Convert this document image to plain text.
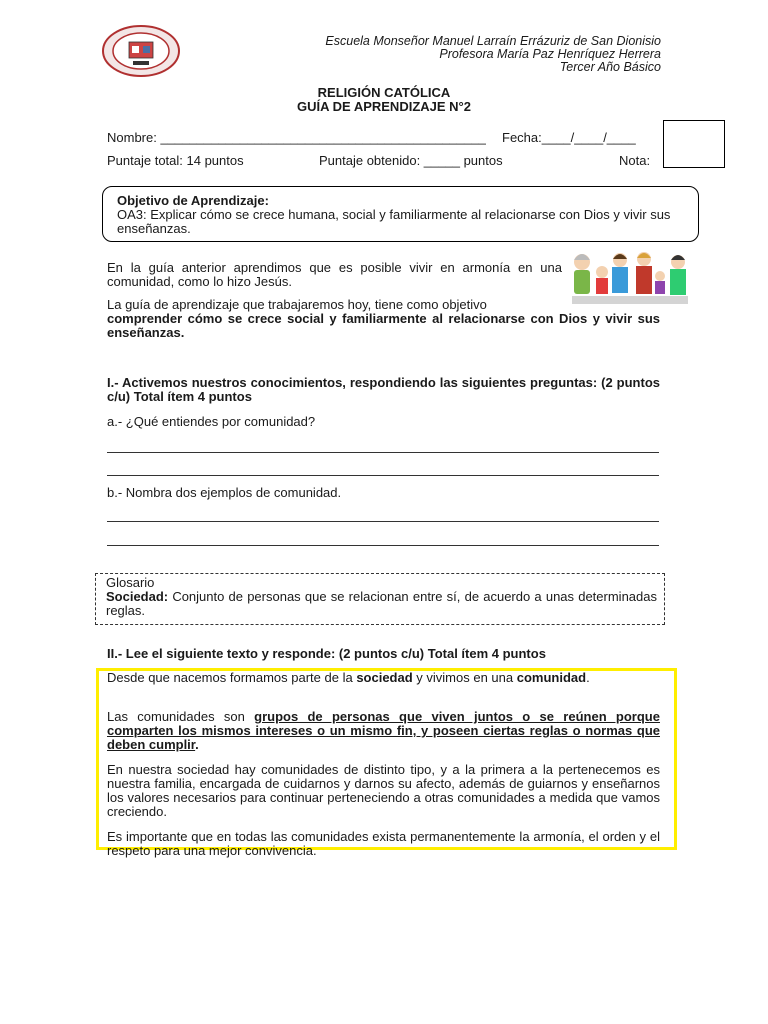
Escuela Monseñor Manuel Larraín Errázuriz de San Dionisio
Profesora María Paz Henríquez Herrera
Tercer Año Básico
RELIGIÓN CATÓLICA
GUÍA DE APRENDIZAJE N°2
Nombre: _____________________________________________ Fecha:____/____/____
Puntaje total: 14 puntos	Puntaje obtenido: _____ puntos	Nota:
Objetivo de Aprendizaje:
OA3: Explicar cómo se crece humana, social y familiarmente al relacionarse con Dios y vivir sus enseñanzas.
En la guía anterior aprendimos que es posible vivir en armonía en una comunidad, como lo hizo Jesús.
La guía de aprendizaje que trabajaremos hoy, tiene como objetivo
comprender cómo se crece social y familiarmente al relacionarse con Dios y vivir sus enseñanzas.
I.- Activemos nuestros conocimientos, respondiendo las siguientes preguntas: (2 puntos c/u) Total ítem 4 puntos
a.- ¿Qué entiendes por comunidad?
b.- Nombra dos ejemplos de comunidad.
Glosario
Sociedad: Conjunto de personas que se relacionan entre sí, de acuerdo a unas determinadas reglas.
II.- Lee el siguiente texto y responde: (2 puntos c/u) Total ítem 4 puntos
Desde que nacemos formamos parte de la sociedad y vivimos en una comunidad.
Las comunidades son grupos de personas que viven juntos o se reúnen porque comparten los mismos intereses o un mismo fin, y poseen ciertas reglas o normas que deben cumplir.
En nuestra sociedad hay comunidades de distinto tipo, y a la primera a la pertenecemos es nuestra familia, encargada de cuidarnos y darnos su afecto, además de guiarnos y enseñarnos los valores necesarios para continuar perteneciendo a otras comunidades a medida que vamos creciendo.
Es importante que en todas las comunidades exista permanentemente la armonía, el orden y el respeto para una mejor convivencia.
